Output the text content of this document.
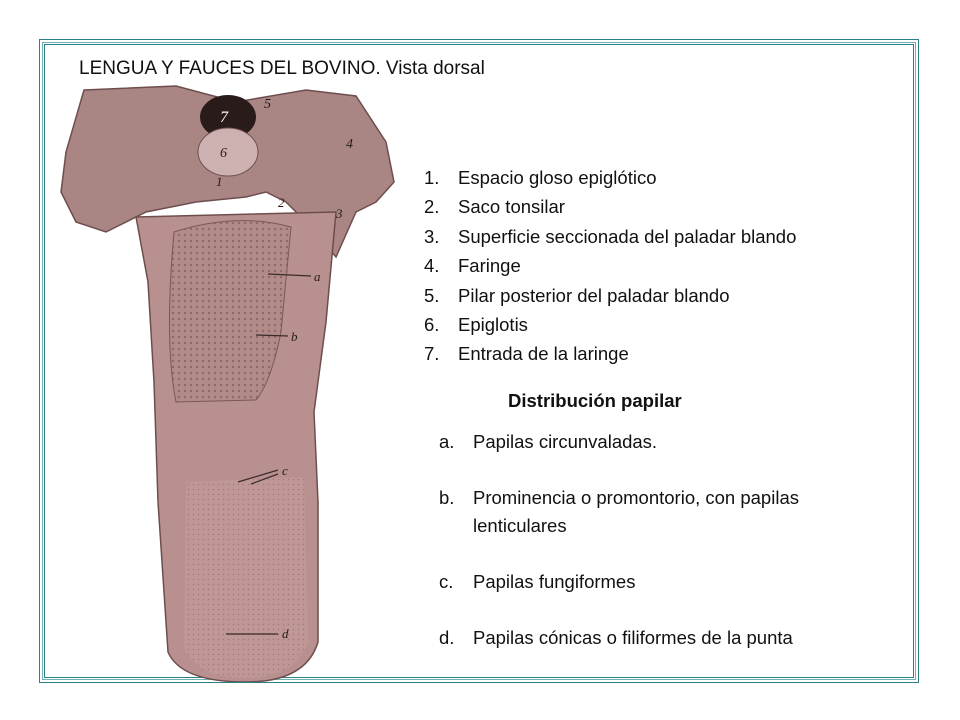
LENGUA Y FAUCES DEL BOVINO. Vista dorsal
7
6
5
4
1
2
3
a
b
c
d
1. Espacio gloso epiglótico
2. Saco tonsilar
3. Superficie seccionada del paladar blando
4. Faringe
5. Pilar posterior del paladar blando
6. Epiglotis
7. Entrada de la laringe
Distribución papilar
a.	Papilas circunvaladas.
b.	Prominencia o promontorio, con papilas lenticulares
c.	Papilas fungiformes
d.	Papilas cónicas o filiformes de la punta
